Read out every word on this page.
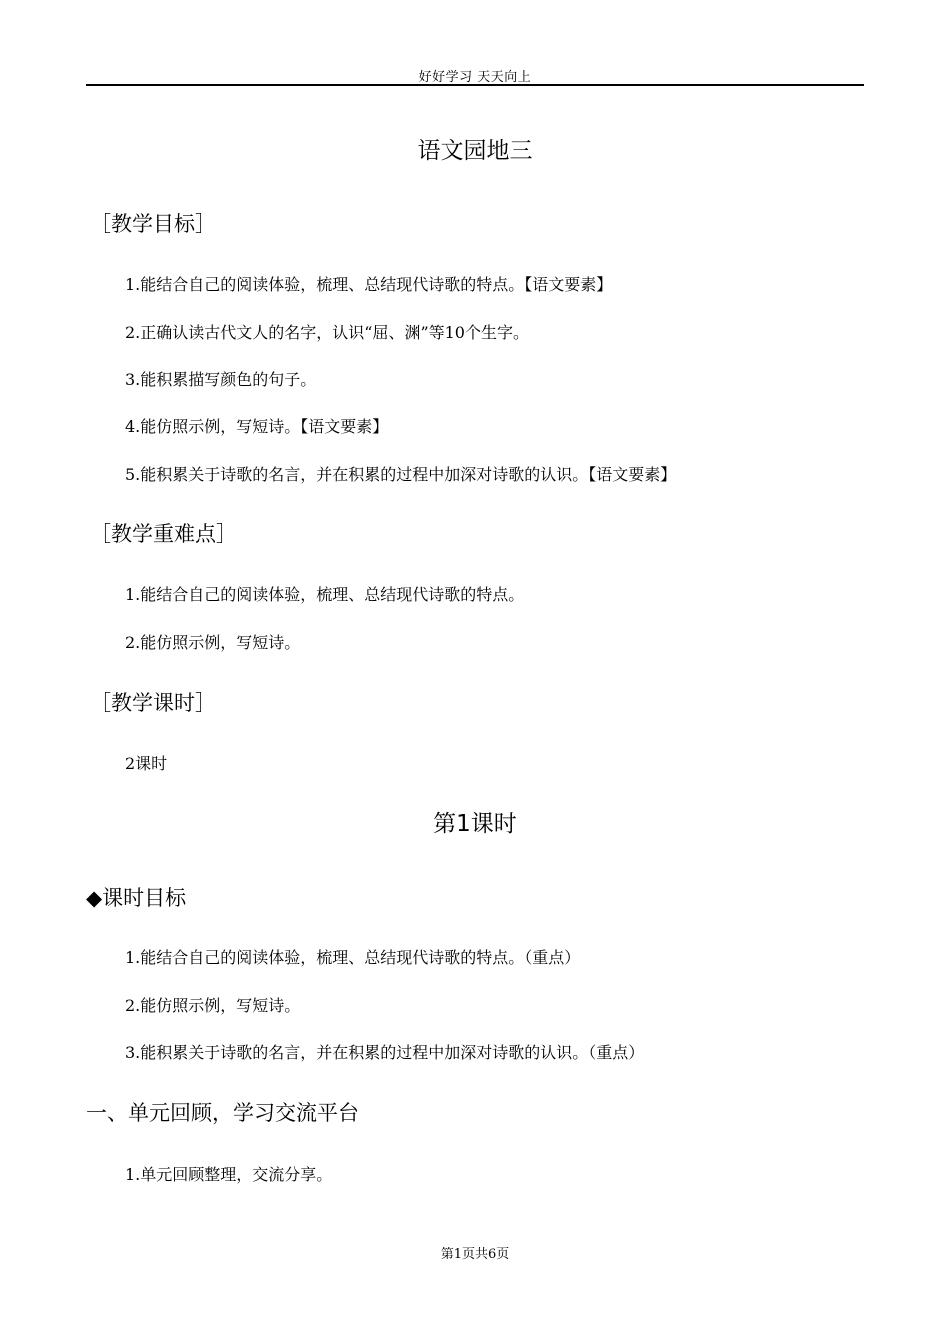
好好学习 天天向上
语文园地三
［教学目标］
1.能结合自己的阅读体验，梳理、总结现代诗歌的特点。【语文要素】
2.正确认读古代文人的名字，认识“屈、渊”等10个生字。
3.能积累描写颜色的句子。
4.能仿照示例，写短诗。【语文要素】
5.能积累关于诗歌的名言，并在积累的过程中加深对诗歌的认识。【语文要素】
［教学重难点］
1.能结合自己的阅读体验，梳理、总结现代诗歌的特点。
2.能仿照示例，写短诗。
［教学课时］
2课时
第1课时
◆课时目标
1.能结合自己的阅读体验，梳理、总结现代诗歌的特点。（重点）
2.能仿照示例，写短诗。
3.能积累关于诗歌的名言，并在积累的过程中加深对诗歌的认识。（重点）
一、单元回顾，学习交流平台
1.单元回顾整理，交流分享。
第1页共6页
